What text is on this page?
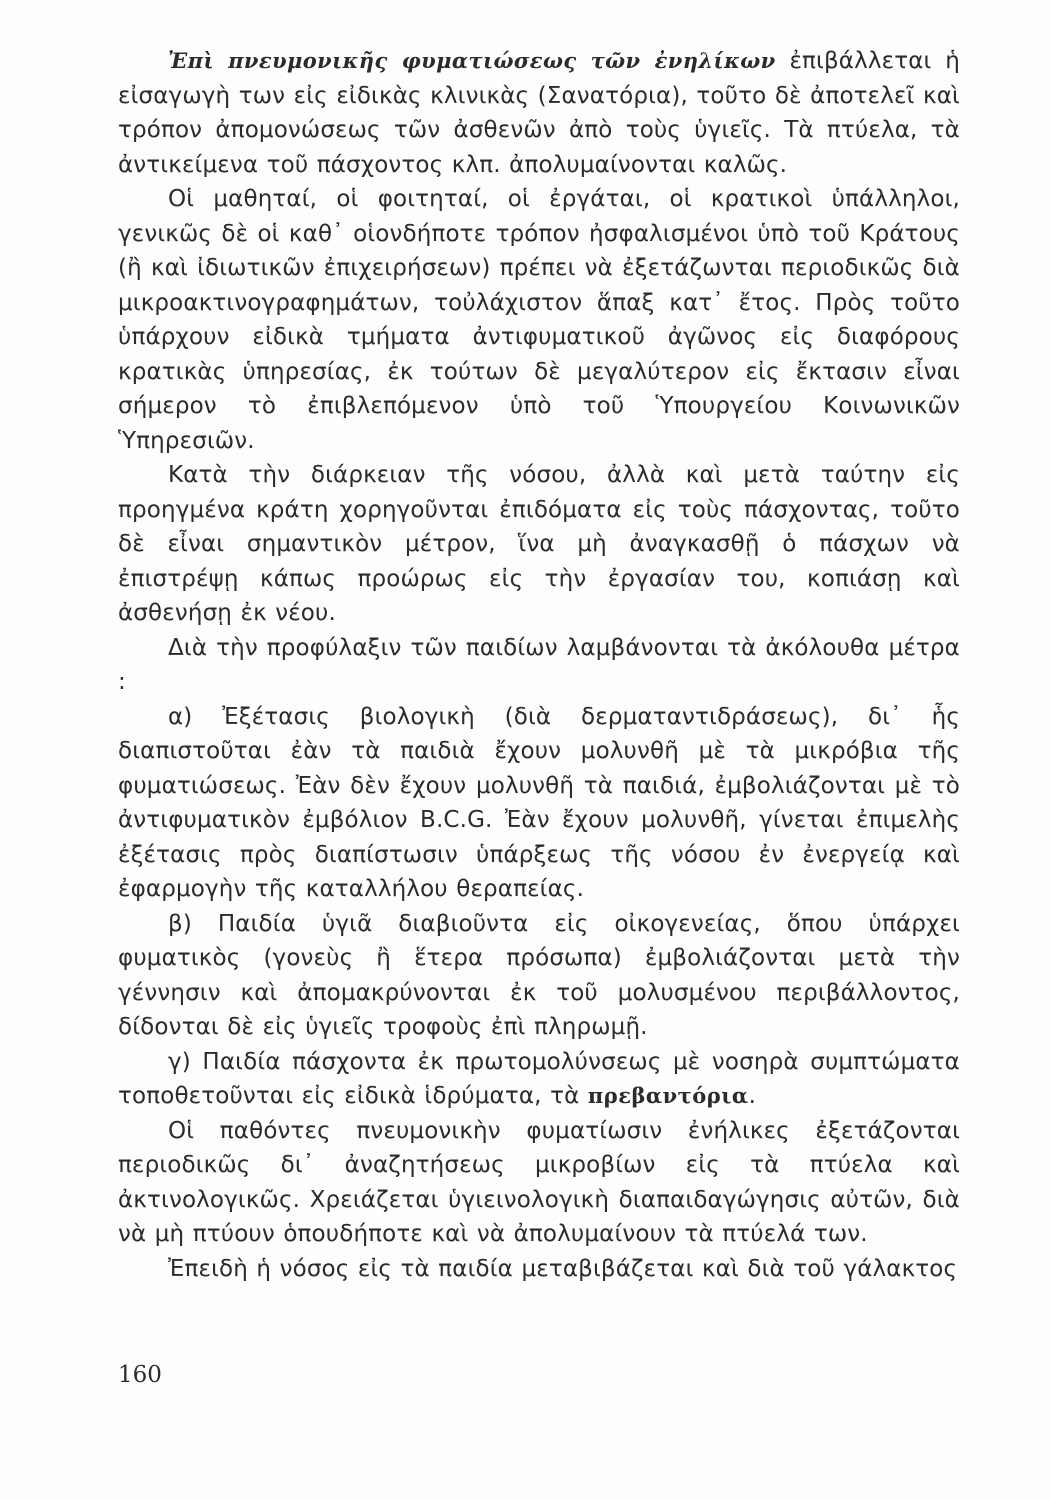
Ἐπὶ πνευμονικῆς φυματιώσεως τῶν ἐνηλίκων ἐπιβάλλεται ἡ εἰσαγωγὴ των εἰς εἰδικὰς κλινικὰς (Σανατόρια), τοῦτο δὲ ἀποτελεῖ καὶ τρόπον ἀπομονώσεως τῶν ἀσθενῶν ἀπὸ τοὺς ὑγιεῖς. Τὰ πτύελα, τὰ ἀντικείμενα τοῦ πάσχοντος κλπ. ἀπολυμαίνονται καλῶς.

Οἱ μαθηταί, οἱ φοιτηταί, οἱ ἐργάται, οἱ κρατικοὶ ὑπάλληλοι, γενικῶς δὲ οἱ καθ᾽ οἱονδήποτε τρόπον ἠσφαλισμένοι ὑπὸ τοῦ Κράτους (ἢ καὶ ἰδιωτικῶν ἐπιχειρήσεων) πρέπει νὰ ἐξετάζωνται περιοδικῶς διὰ μικροακτινογραφημάτων, τοὐλάχιστον ἅπαξ κατ᾽ ἔτος. Πρὸς τοῦτο ὑπάρχουν εἰδικὰ τμήματα ἀντιφυματικοῦ ἀγῶνος εἰς διαφόρους κρατικὰς ὑπηρεσίας, ἐκ τούτων δὲ μεγαλύτερον εἰς ἔκτασιν εἶναι σήμερον τὸ ἐπιβλεπόμενον ὑπὸ τοῦ Ὑπουργείου Κοινωνικῶν Ὑπηρεσιῶν.

Κατὰ τὴν διάρκειαν τῆς νόσου, ἀλλὰ καὶ μετὰ ταύτην εἰς προηγμένα κράτη χορηγοῦνται ἐπιδόματα εἰς τοὺς πάσχοντας, τοῦτο δὲ εἶναι σημαντικὸν μέτρον, ἵνα μὴ ἀναγκασθῇ ὁ πάσχων νὰ ἐπιστρέψῃ κάπως προώρως εἰς τὴν ἐργασίαν του, κοπιάσῃ καὶ ἀσθενήσῃ ἐκ νέου.

Διὰ τὴν προφύλαξιν τῶν παιδίων λαμβάνονται τὰ ἀκόλουθα μέτρα :

α) Ἐξέτασις βιολογικὴ (διὰ δερματαντιδράσεως), δι᾽ ἧς διαπιστοῦται ἐὰν τὰ παιδιὰ ἔχουν μολυνθῆ μὲ τὰ μικρόβια τῆς φυματιώσεως. Ἐὰν δὲν ἔχουν μολυνθῆ τὰ παιδιά, ἐμβολιάζονται μὲ τὸ ἀντιφυματικὸν ἐμβόλιον B.C.G. Ἐὰν ἔχουν μολυνθῆ, γίνεται ἐπιμελὴς ἐξέτασις πρὸς διαπίστωσιν ὑπάρξεως τῆς νόσου ἐν ἐνεργείᾳ καὶ ἐφαρμογὴν τῆς καταλλήλου θεραπείας.

β) Παιδία ὑγιᾶ διαβιοῦντα εἰς οἰκογενείας, ὅπου ὑπάρχει φυματικὸς (γονεὺς ἢ ἕτερα πρόσωπα) ἐμβολιάζονται μετὰ τὴν γέννησιν καὶ ἀπομακρύνονται ἐκ τοῦ μολυσμένου περιβάλλοντος, δίδονται δὲ εἰς ὑγιεῖς τροφοὺς ἐπὶ πληρωμῇ.

γ) Παιδία πάσχοντα ἐκ πρωτομολύνσεως μὲ νοσηρὰ συμπτώματα τοποθετοῦνται εἰς εἰδικὰ ἱδρύματα, τὰ πρεβαντόρια.

Οἱ παθόντες πνευμονικὴν φυματίωσιν ἐνήλικες ἐξετάζονται περιοδικῶς δι᾽ ἀναζητήσεως μικροβίων εἰς τὰ πτύελα καὶ ἀκτινολογικῶς. Χρειάζεται ὑγιεινολογικὴ διαπαιδαγώγησις αὐτῶν, διὰ νὰ μὴ πτύουν ὁπουδήποτε καὶ νὰ ἀπολυμαίνουν τὰ πτύελά των.

Ἐπειδὴ ἡ νόσος εἰς τὰ παιδία μεταβιβάζεται καὶ διὰ τοῦ γάλακτος

160
